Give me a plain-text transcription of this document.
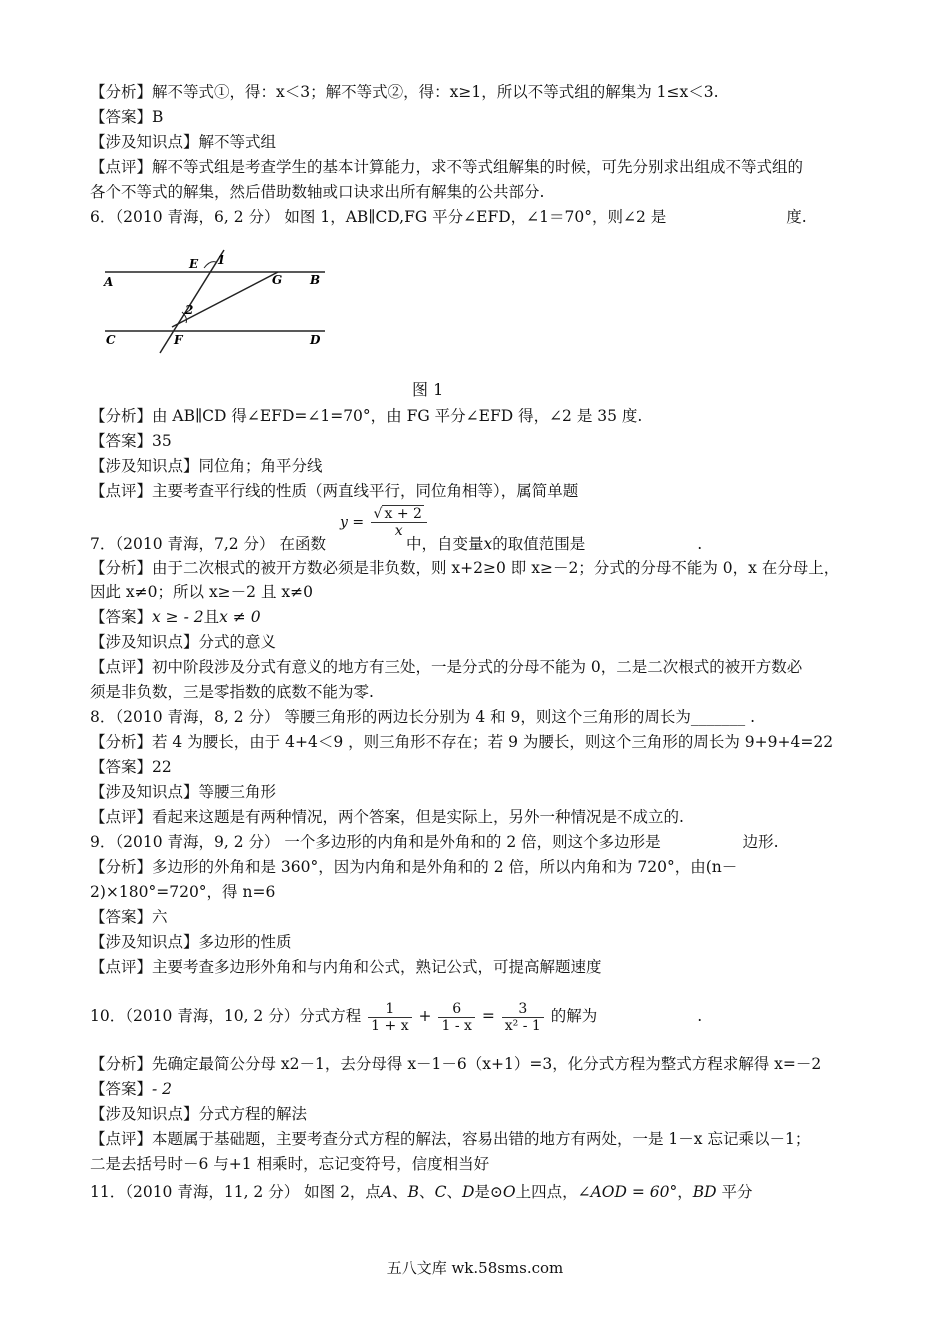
【分析】解不等式①，得：x＜3；解不等式②，得：x≥1，所以不等式组的解集为 1≤x＜3.
【答案】B
【涉及知识点】解不等式组
【点评】解不等式组是考查学生的基本计算能力，求不等式组解集的时候，可先分别求出组成不等式组的
各个不等式的解集，然后借助数轴或口诀求出所有解集的公共部分.
6．（2010 青海，6, 2 分） 如图 1，AB∥CD,FG 平分∠EFD，∠1＝70°，则∠2 是	度.
E 1
G B
A
2
C	F	D
图 1
【分析】由 AB∥CD 得∠EFD=∠1=70°，由 FG 平分∠EFD 得，∠2 是 35 度.
【答案】35
【涉及知识点】同位角；角平分线
【点评】主要考查平行线的性质（两直线平行，同位角相等），属简单题
$y = \frac{√ x + 2}{x}$
7．（2010 青海，7,2 分） 在函数	中，自变量x的取值范围是	.
【分析】由于二次根式的被开方数必须是非负数，则 x+2≥0 即 x≥－2；分式的分母不能为 0，x 在分母上，
因此 x≠0；所以 x≥－2 且 x≠0
【答案】x ≥ - 2且x ≠ 0
【涉及知识点】分式的意义
【点评】初中阶段涉及分式有意义的地方有三处，一是分式的分母不能为 0，二是二次根式的被开方数必
须是非负数，三是零指数的底数不能为零.
8．（2010 青海，8, 2 分） 等腰三角形的两边长分别为 4 和 9，则这个三角形的周长为_______ .
【分析】若 4 为腰长，由于 4+4＜9 ，则三角形不存在；若 9 为腰长，则这个三角形的周长为 9+9+4=22
【答案】22
【涉及知识点】等腰三角形
【点评】看起来这题是有两种情况，两个答案，但是实际上，另外一种情况是不成立的.
9．（2010 青海，9, 2 分） 一个多边形的内角和是外角和的 2 倍，则这个多边形是	边形.
【分析】多边形的外角和是 360°，因为内角和是外角和的 2 倍，所以内角和为 720°，由(n－
2)×180°=720°，得 n=6
【答案】六
【涉及知识点】多边形的性质
【点评】主要考查多边形外角和与内角和公式，熟记公式，可提高解题速度
10．（2010 青海，10, 2 分）分式方程 $\frac{1}{1 + x} + \frac{6}{1 - x} = \frac{3}{\text{x² - 1}}$ 的解为	.
【分析】先确定最简公分母 x2－1，去分母得 x－1－6（x+1）=3，化分式方程为整式方程求解得 x=－2
【答案】- 2
【涉及知识点】分式方程的解法
【点评】本题属于基础题，主要考查分式方程的解法，容易出错的地方有两处，一是 1－x 忘记乘以－1；
二是去括号时－6 与+1 相乘时，忘记变符号，信度相当好
11．（2010 青海，11, 2 分） 如图 2，点A、B、C、D是⊙O上四点，∠AOD = 60°，BD 平分
五八文库 wk.58sms.com
